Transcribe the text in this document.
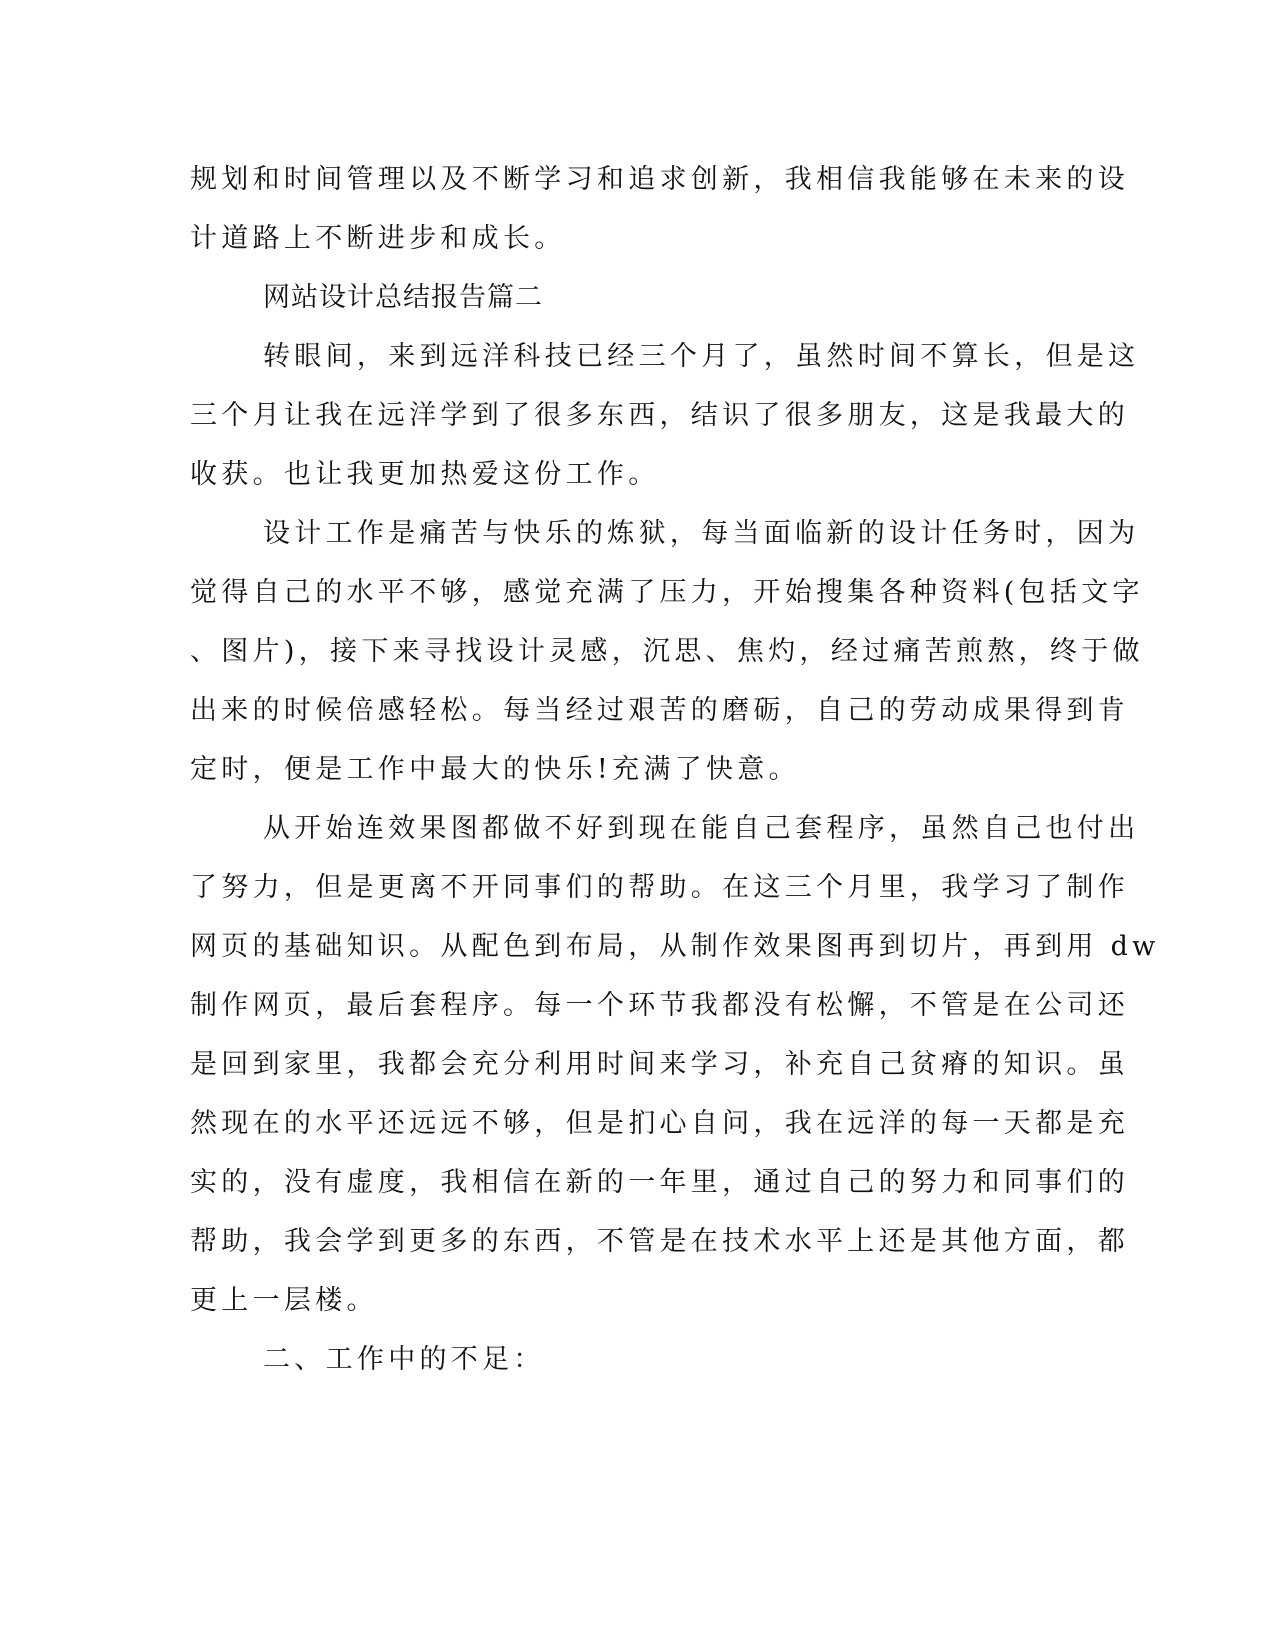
规划和时间管理以及不断学习和追求创新，我相信我能够在未来的设
计道路上不断进步和成长。
网站设计总结报告篇二
转眼间，来到远洋科技已经三个月了，虽然时间不算长，但是这
三个月让我在远洋学到了很多东西，结识了很多朋友，这是我最大的
收获。也让我更加热爱这份工作。
设计工作是痛苦与快乐的炼狱，每当面临新的设计任务时，因为
觉得自己的水平不够，感觉充满了压力，开始搜集各种资料(包括文字
、图片)，接下来寻找设计灵感，沉思、焦灼，经过痛苦煎熬，终于做
出来的时候倍感轻松。每当经过艰苦的磨砺，自己的劳动成果得到肯
定时，便是工作中最大的快乐!充满了快意。
从开始连效果图都做不好到现在能自己套程序，虽然自己也付出
了努力，但是更离不开同事们的帮助。在这三个月里，我学习了制作
网页的基础知识。从配色到布局，从制作效果图再到切片，再到用 dw
制作网页，最后套程序。每一个环节我都没有松懈，不管是在公司还
是回到家里，我都会充分利用时间来学习，补充自己贫瘠的知识。虽
然现在的水平还远远不够，但是扪心自问，我在远洋的每一天都是充
实的，没有虚度，我相信在新的一年里，通过自己的努力和同事们的
帮助，我会学到更多的东西，不管是在技术水平上还是其他方面，都
更上一层楼。
二、工作中的不足：
